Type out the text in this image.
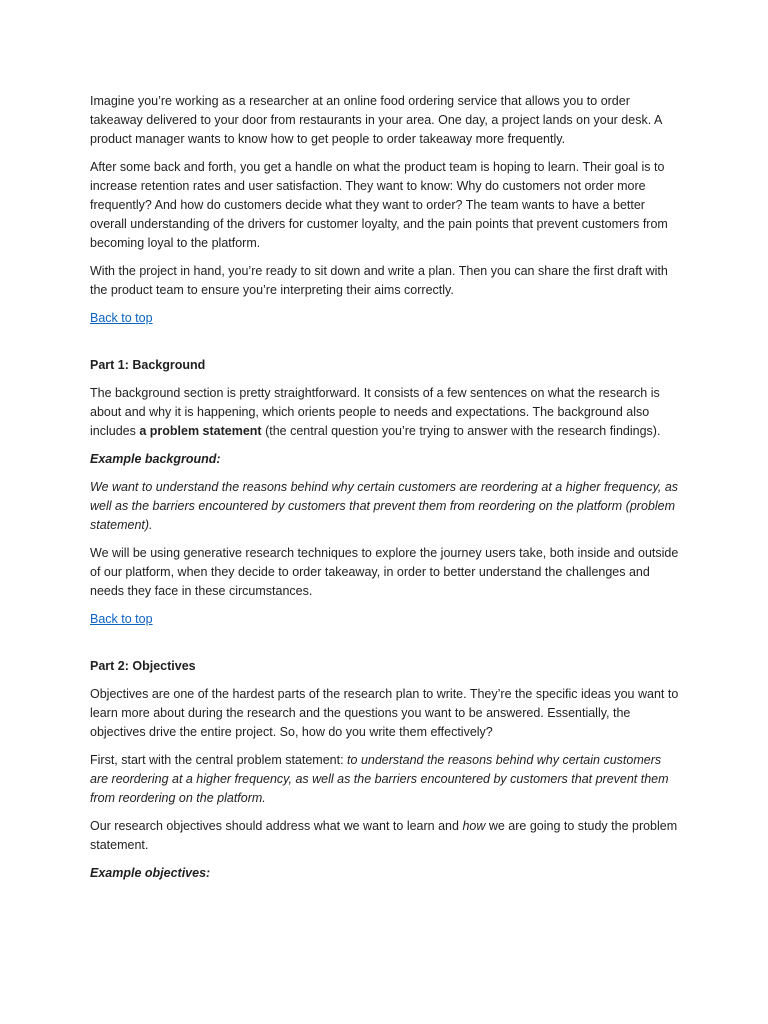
Imagine you’re working as a researcher at an online food ordering service that allows you to order takeaway delivered to your door from restaurants in your area. One day, a project lands on your desk. A product manager wants to know how to get people to order takeaway more frequently.

After some back and forth, you get a handle on what the product team is hoping to learn. Their goal is to increase retention rates and user satisfaction. They want to know: Why do customers not order more frequently? And how do customers decide what they want to order? The team wants to have a better overall understanding of the drivers for customer loyalty, and the pain points that prevent customers from becoming loyal to the platform.

With the project in hand, you’re ready to sit down and write a plan. Then you can share the first draft with the product team to ensure you’re interpreting their aims correctly.

Back to top

Part 1: Background

The background section is pretty straightforward. It consists of a few sentences on what the research is about and why it is happening, which orients people to needs and expectations. The background also includes a problem statement (the central question you’re trying to answer with the research findings).

Example background:

We want to understand the reasons behind why certain customers are reordering at a higher frequency, as well as the barriers encountered by customers that prevent them from reordering on the platform (problem statement).

We will be using generative research techniques to explore the journey users take, both inside and outside of our platform, when they decide to order takeaway, in order to better understand the challenges and needs they face in these circumstances.

Back to top

Part 2: Objectives

Objectives are one of the hardest parts of the research plan to write. They’re the specific ideas you want to learn more about during the research and the questions you want to be answered. Essentially, the objectives drive the entire project. So, how do you write them effectively?

First, start with the central problem statement: to understand the reasons behind why certain customers are reordering at a higher frequency, as well as the barriers encountered by customers that prevent them from reordering on the platform.

Our research objectives should address what we want to learn and how we are going to study the problem statement.

Example objectives:
